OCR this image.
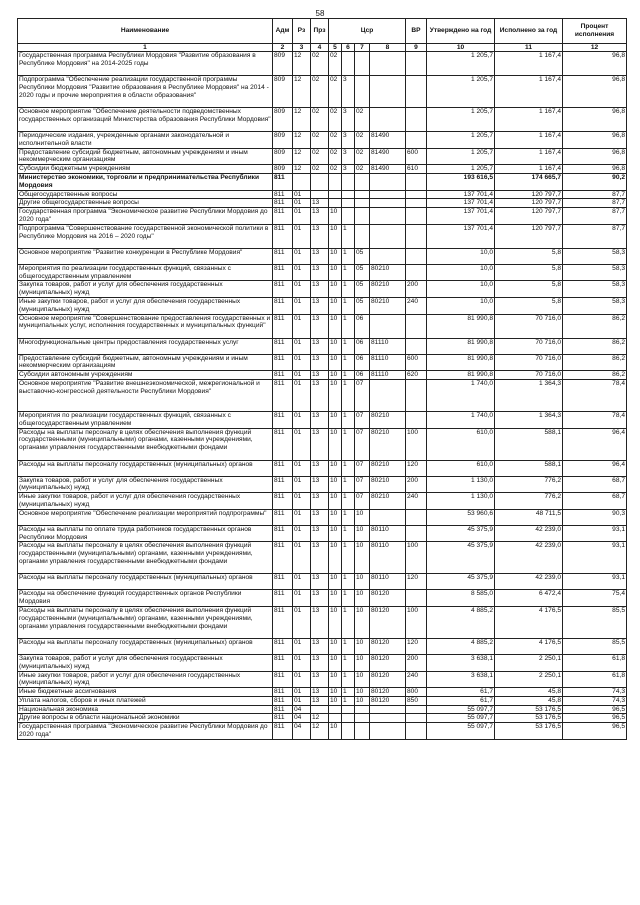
58
Наименование	Адм	Рз	Прз	Цср				ВР	Утверждено на год	Исполнено за год	Процент исполнения
1	2	3	4	5	6	7	8	9	10	11	12
Государственная программа Республики Мордовия "Развитие образования в Республике Мордовия" на 2014-2025 годы	809	12	02	02					1 205,7	1 167,4	96,8
Подпрограмма "Обеспечение реализации государственной программы Республики Мордовия "Развитие образования в Республике Мордовия" на 2014 - 2020 годы и прочие мероприятия в области образования"	809	12	02	02	3				1 205,7	1 167,4	96,8
Основное мероприятие "Обеспечение деятельности подведомственных государственных организаций Министерства образования Республики Мордовия"	809	12	02	02	3	02			1 205,7	1 167,4	96,8
Периодические издания, учрежденные органами законодательной и исполнительной власти	809	12	02	02	3	02	81490		1 205,7	1 167,4	96,8
Предоставление субсидий бюджетным, автономным учреждениям и иным некоммерческим организациям	809	12	02	02	3	02	81490	600	1 205,7	1 167,4	96,8
Субсидии бюджетным учреждениям	809	12	02	02	3	02	81490	610	1 205,7	1 167,4	96,8
Министерство экономики, торговли и предпринимательства Республики Мордовия	811								193 616,5	174 665,7	90,2
Общегосударственные вопросы	811	01							137 701,4	120 797,7	87,7
Другие общегосударственные вопросы	811	01	13						137 701,4	120 797,7	87,7
Государственная программа "Экономическое развитие Республики Мордовия до 2020 года"	811	01	13	10					137 701,4	120 797,7	87,7
Подпрограмма "Совершенствование государственной экономической политики в Республике Мордовия на 2016 – 2020 годы"	811	01	13	10	1				137 701,4	120 797,7	87,7
Основное мероприятие "Развитие конкуренции в Республике Мордовия"	811	01	13	10	1	05			10,0	5,8	58,3
Мероприятия по реализации государственных функций, связанных с общегосударственным управлением	811	01	13	10	1	05	80210		10,0	5,8	58,3
Закупка товаров, работ и услуг для обеспечения государственных (муниципальных) нужд	811	01	13	10	1	05	80210	200	10,0	5,8	58,3
Иные закупки товаров, работ и услуг для обеспечения государственных (муниципальных) нужд	811	01	13	10	1	05	80210	240	10,0	5,8	58,3
Основное мероприятие "Совершенствование предоставления государственных и муниципальных услуг, исполнения государственных и муниципальных функций"	811	01	13	10	1	06			81 990,8	70 716,0	86,2
Многофункциональные центры предоставления государственных услуг	811	01	13	10	1	06	81110		81 990,8	70 716,0	86,2
Предоставление субсидий бюджетным, автономным учреждениям и иным некоммерческим организациям	811	01	13	10	1	06	81110	600	81 990,8	70 716,0	86,2
Субсидии автономным учреждениям	811	01	13	10	1	06	81110	620	81 990,8	70 716,0	86,2
Основное мероприятие "Развитие внешнеэкономической, межрегиональной и выставочно-конгрессной деятельности Республики Мордовия"	811	01	13	10	1	07			1 740,0	1 364,3	78,4
Мероприятия по реализации государственных функций, связанных с общегосударственным управлением	811	01	13	10	1	07	80210		1 740,0	1 364,3	78,4
Расходы на выплаты персоналу в целях обеспечения выполнения функций государственными (муниципальными) органами, казенными учреждениями, органами управления государственными внебюджетными фондами	811	01	13	10	1	07	80210	100	610,0	588,1	96,4
Расходы на выплаты персоналу государственных (муниципальных) органов	811	01	13	10	1	07	80210	120	610,0	588,1	96,4
Закупка товаров, работ и услуг для обеспечения государственных (муниципальных) нужд	811	01	13	10	1	07	80210	200	1 130,0	776,2	68,7
Иные закупки товаров, работ и услуг для обеспечения государственных (муниципальных) нужд	811	01	13	10	1	07	80210	240	1 130,0	776,2	68,7
Основное мероприятие "Обеспечение реализации мероприятий подпрограммы"	811	01	13	10	1	10			53 960,6	48 711,5	90,3
Расходы на выплаты по оплате труда работников государственных органов Республики Мордовия	811	01	13	10	1	10	80110		45 375,9	42 239,0	93,1
Расходы на выплаты персоналу в целях обеспечения выполнения функций государственными (муниципальными) органами, казенными учреждениями, органами управления государственными внебюджетными фондами	811	01	13	10	1	10	80110	100	45 375,9	42 239,0	93,1
Расходы на выплаты персоналу государственных (муниципальных) органов	811	01	13	10	1	10	80110	120	45 375,9	42 239,0	93,1
Расходы на обеспечение функций государственных органов Республики Мордовия	811	01	13	10	1	10	80120		8 585,0	6 472,4	75,4
Расходы на выплаты персоналу в целях обеспечения выполнения функций государственными (муниципальными) органами, казенными учреждениями, органами управления государственными внебюджетными фондами	811	01	13	10	1	10	80120	100	4 885,2	4 176,5	85,5
Расходы на выплаты персоналу государственных (муниципальных) органов	811	01	13	10	1	10	80120	120	4 885,2	4 176,5	85,5
Закупка товаров, работ и услуг для обеспечения государственных (муниципальных) нужд	811	01	13	10	1	10	80120	200	3 638,1	2 250,1	61,8
Иные закупки товаров, работ и услуг для обеспечения государственных (муниципальных) нужд	811	01	13	10	1	10	80120	240	3 638,1	2 250,1	61,8
Иные бюджетные ассигнования	811	01	13	10	1	10	80120	800	61,7	45,8	74,3
Уплата налогов, сборов и иных платежей	811	01	13	10	1	10	80120	850	61,7	45,8	74,3
Национальная экономика	811	04							55 097,7	53 176,5	96,5
Другие вопросы в области национальной экономики	811	04	12						55 097,7	53 176,5	96,5
Государственная программа "Экономическое развитие Республики Мордовия до 2020 года"	811	04	12	10					55 097,7	53 176,5	96,5
